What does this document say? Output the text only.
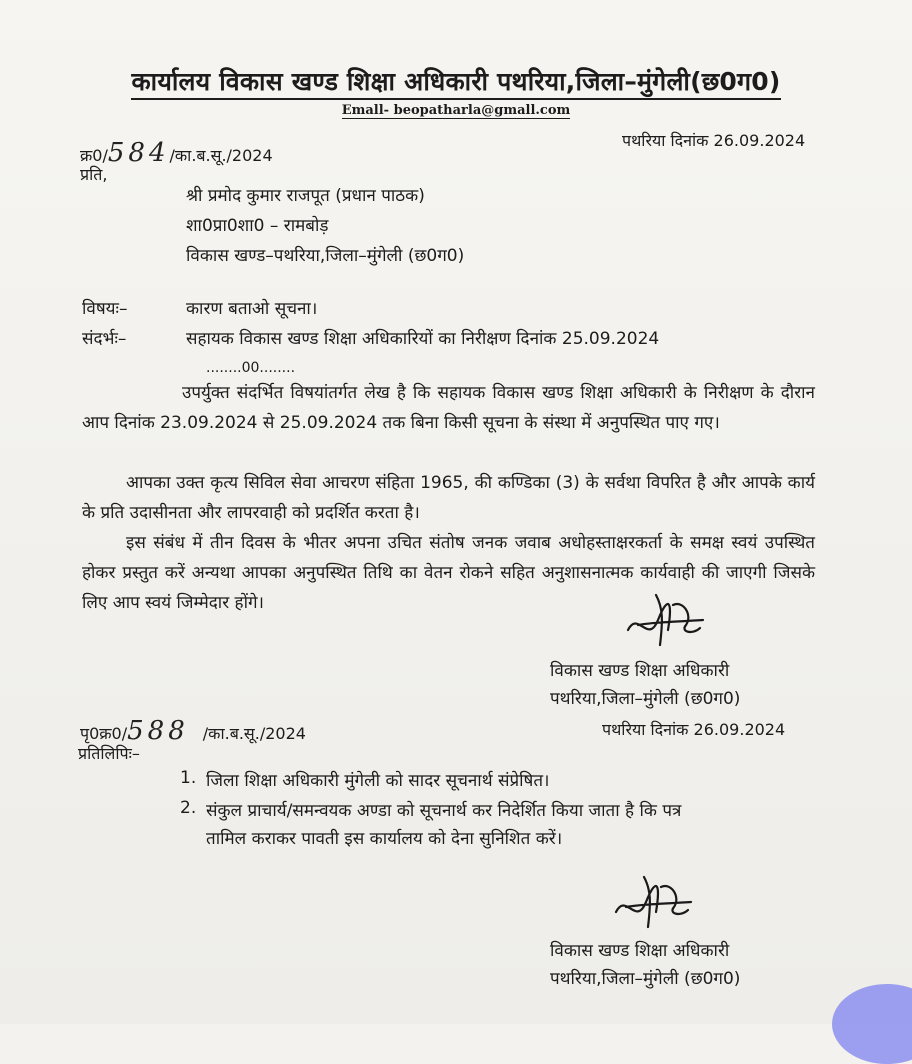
कार्यालय विकास खण्ड शिक्षा अधिकारी पथरिया,जिला–मुंगेली(छ0ग0)
Emall- beopatharla@gmall.com
क्र0/584/का.ब.सू./2024
पथरिया दिनांक 26.09.2024
प्रति,
श्री प्रमोद कुमार राजपूत (प्रधान पाठक)
शा0प्रा0शा0 – रामबोड़
विकास खण्ड–पथरिया,जिला–मुंगेली (छ0ग0)
विषयः–	कारण बताओ सूचना।
संदर्भः–	सहायक विकास खण्ड शिक्षा अधिकारियों का निरीक्षण दिनांक 25.09.2024
........00........
उपर्युक्त संदर्भित विषयांतर्गत लेख है कि सहायक विकास खण्ड शिक्षा अधिकारी के निरीक्षण के दौरान आप दिनांक 23.09.2024 से 25.09.2024 तक बिना किसी सूचना के संस्था में अनुपस्थित पाए गए।
आपका उक्त कृत्य सिविल सेवा आचरण संहिता 1965, की कण्डिका (3) के सर्वथा विपरित है और आपके कार्य के प्रति उदासीनता और लापरवाही को प्रदर्शित करता है।
इस संबंध में तीन दिवस के भीतर अपना उचित संतोष जनक जवाब अधोहस्ताक्षरकर्ता के समक्ष स्वयं उपस्थित होकर प्रस्तुत करें अन्यथा आपका अनुपस्थित तिथि का वेतन रोकने सहित अनुशासनात्मक कार्यवाही की जाएगी जिसके लिए आप स्वयं जिम्मेदार होंगे।
विकास खण्ड शिक्षा अधिकारी
पथरिया,जिला–मुंगेली (छ0ग0)
पृ0क्र0/588 /का.ब.सू./2024	पथरिया दिनांक 26.09.2024
प्रतिलिपिः–
1. जिला शिक्षा अधिकारी मुंगेली को सादर सूचनार्थ संप्रेषित।
2. संकुल प्राचार्य/समन्वयक अण्डा को सूचनार्थ कर निदेर्शित किया जाता है कि पत्र
तामिल कराकर पावती इस कार्यालय को देना सुनिशित करें।
विकास खण्ड शिक्षा अधिकारी
पथरिया,जिला–मुंगेली (छ0ग0)
